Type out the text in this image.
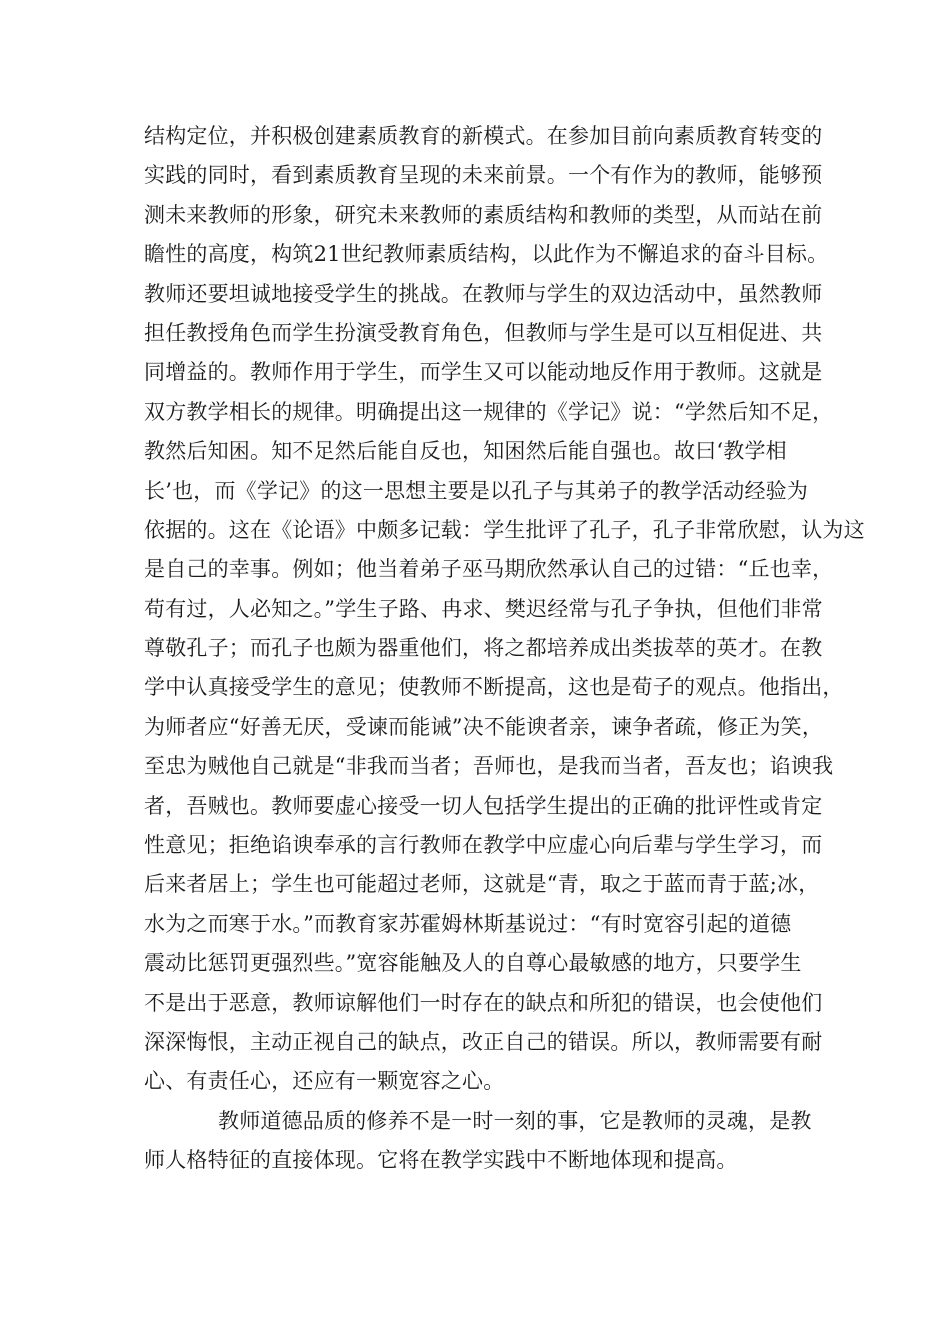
结构定位，并积极创建素质教育的新模式。在参加目前向素质教育转变的
实践的同时，看到素质教育呈现的未来前景。一个有作为的教师，能够预
测未来教师的形象，研究未来教师的素质结构和教师的类型，从而站在前
瞻性的高度，构筑21世纪教师素质结构，以此作为不懈追求的奋斗目标。
教师还要坦诚地接受学生的挑战。在教师与学生的双边活动中，虽然教师
担任教授角色而学生扮演受教育角色，但教师与学生是可以互相促进、共
同增益的。教师作用于学生，而学生又可以能动地反作用于教师。这就是
双方教学相长的规律。明确提出这一规律的《学记》说：“学然后知不足，
教然后知困。知不足然后能自反也，知困然后能自强也。故曰‘教学相
长’也，而《学记》的这一思想主要是以孔子与其弟子的教学活动经验为
依据的。这在《论语》中颇多记载：学生批评了孔子，孔子非常欣慰，认为这
是自己的幸事。例如；他当着弟子巫马期欣然承认自己的过错：“丘也幸，
苟有过，人必知之。”学生子路、冉求、樊迟经常与孔子争执，但他们非常
尊敬孔子；而孔子也颇为器重他们，将之都培养成出类拔萃的英才。在教
学中认真接受学生的意见；使教师不断提高，这也是荀子的观点。他指出，
为师者应“好善无厌，受谏而能诫”决不能谀者亲，谏争者疏，修正为笑，
至忠为贼他自己就是“非我而当者；吾师也，是我而当者，吾友也；谄谀我
者，吾贼也。教师要虚心接受一切人包括学生提出的正确的批评性或肯定
性意见；拒绝谄谀奉承的言行教师在教学中应虚心向后辈与学生学习，而
后来者居上；学生也可能超过老师，这就是“青，取之于蓝而青于蓝;冰，
水为之而寒于水。”而教育家苏霍姆林斯基说过：“有时宽容引起的道德
震动比惩罚更强烈些。”宽容能触及人的自尊心最敏感的地方，只要学生
不是出于恶意，教师谅解他们一时存在的缺点和所犯的错误，也会使他们
深深悔恨，主动正视自己的缺点，改正自己的错误。所以，教师需要有耐
心、有责任心，还应有一颗宽容之心。
教师道德品质的修养不是一时一刻的事，它是教师的灵魂，是教
师人格特征的直接体现。它将在教学实践中不断地体现和提高。
